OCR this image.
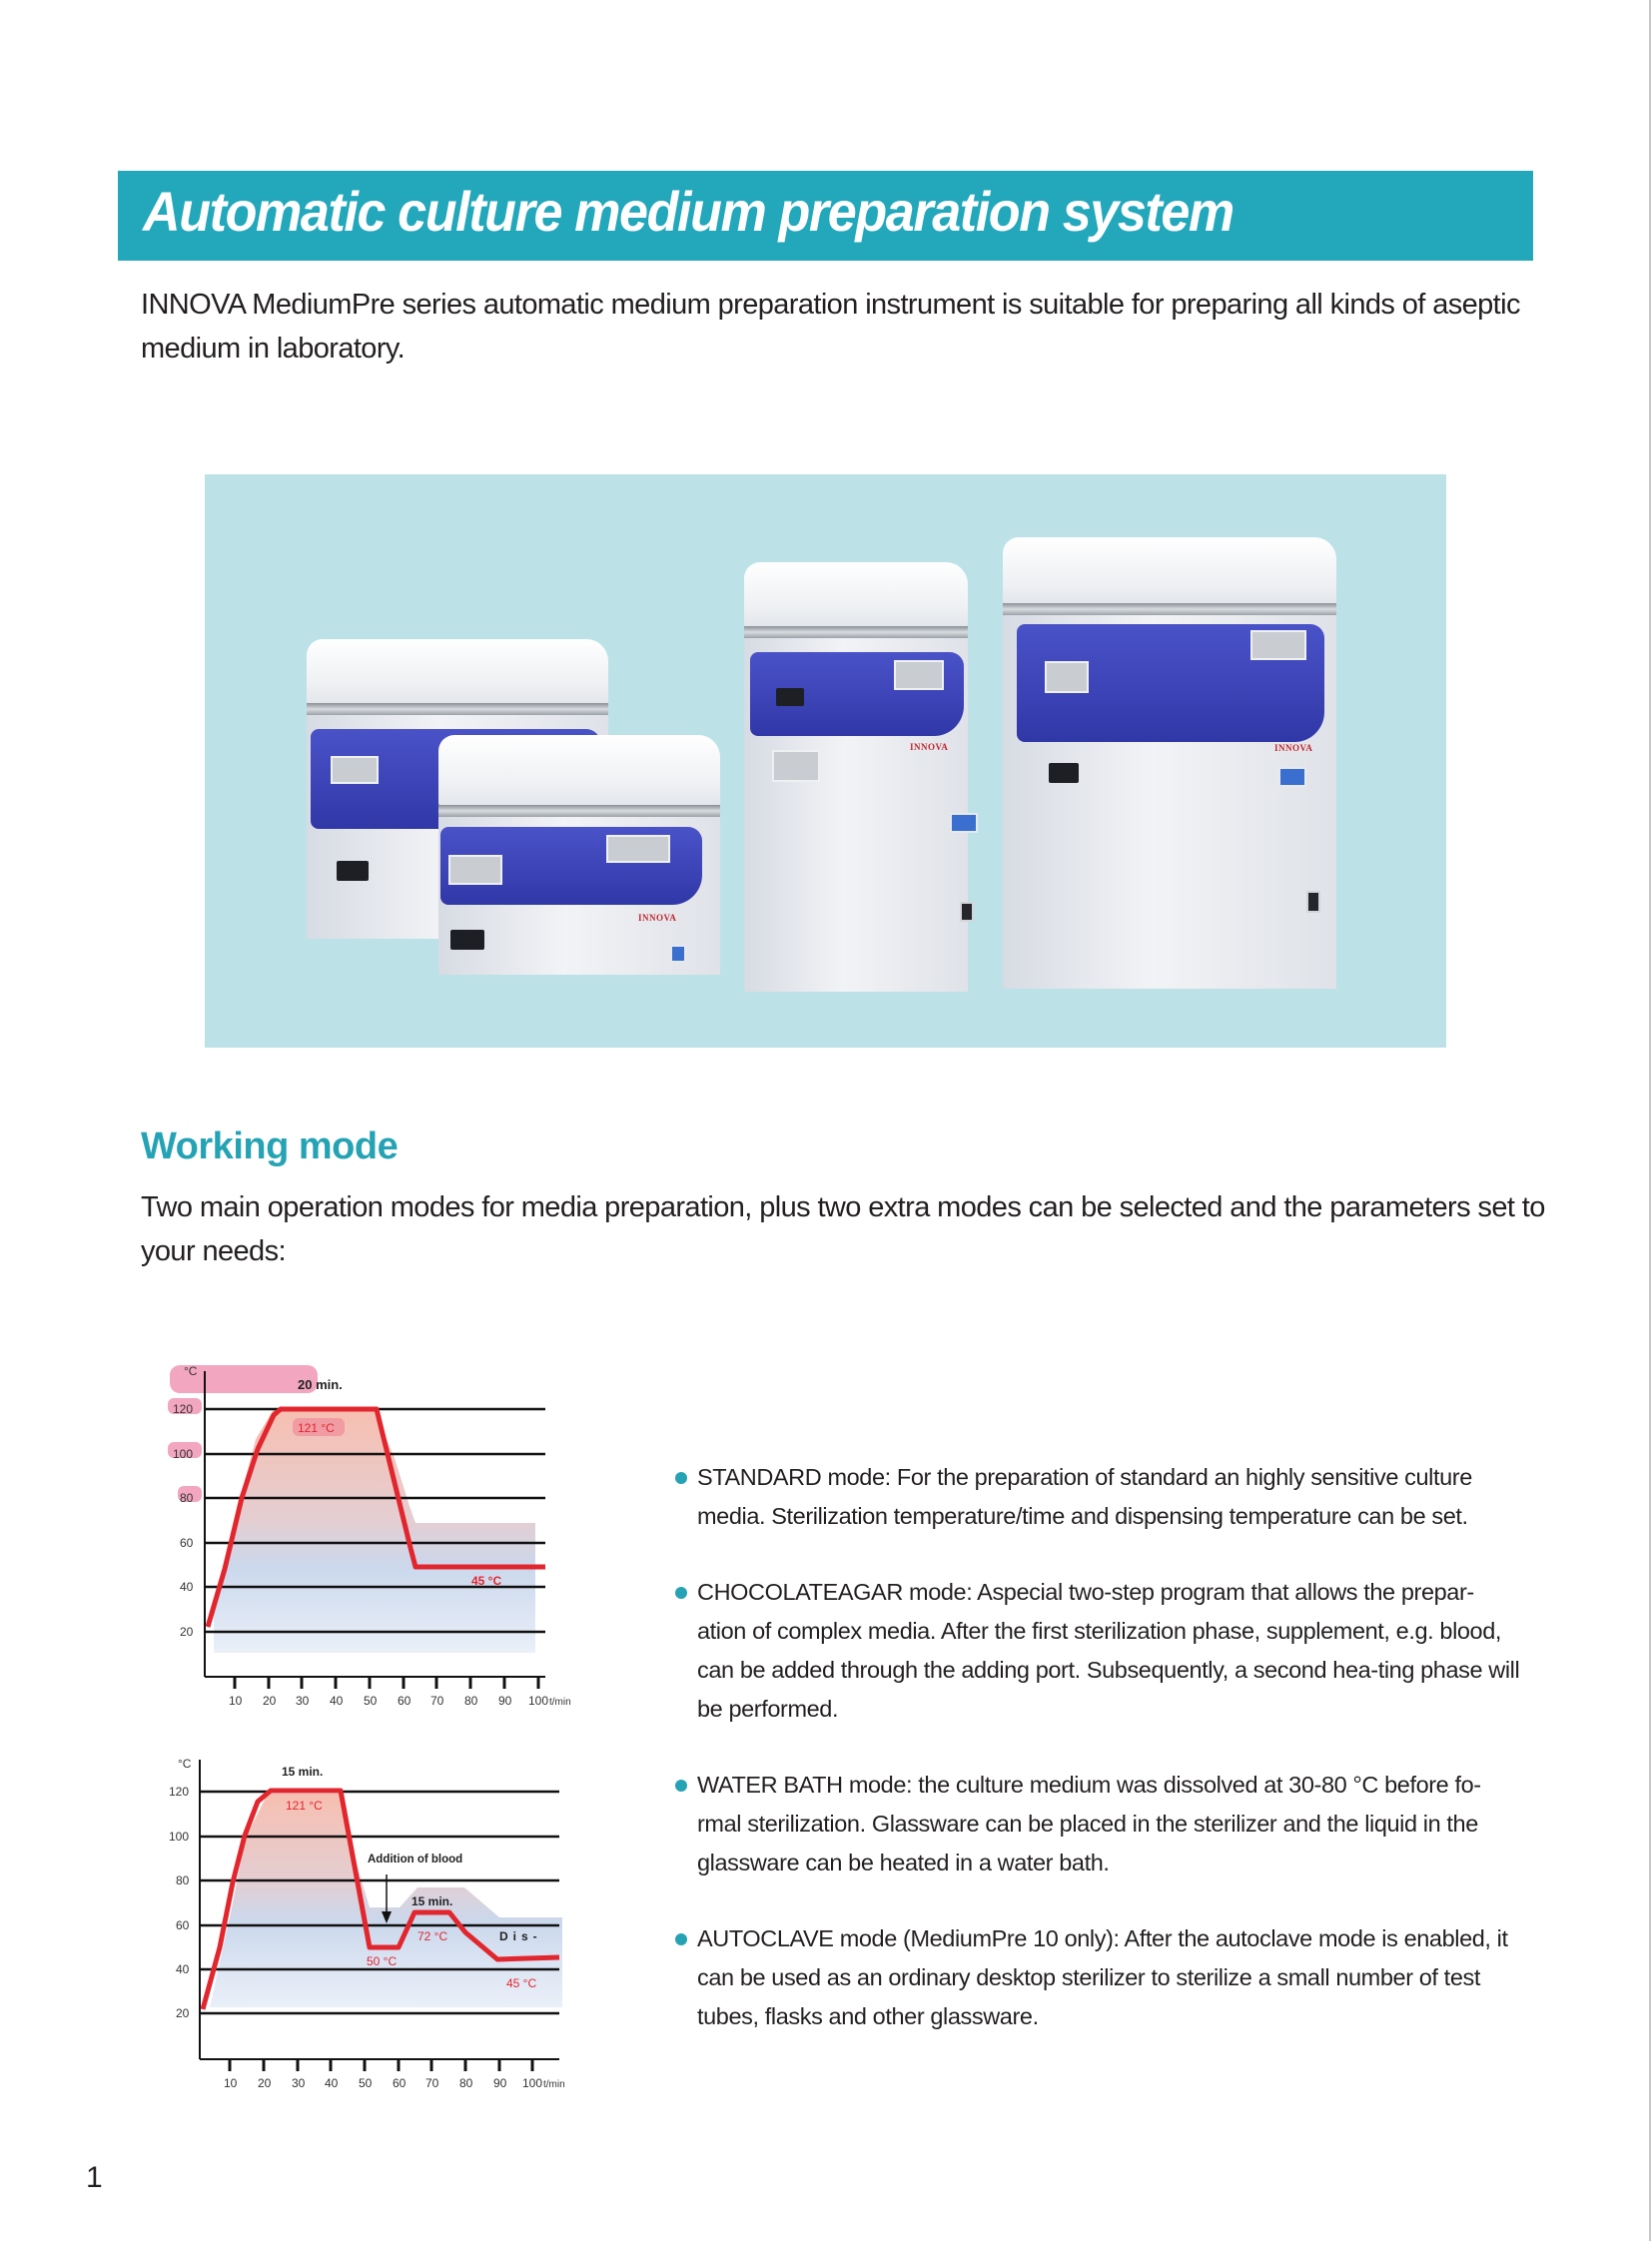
Automatic culture medium preparation system

INNOVA MediumPre series automatic medium preparation instrument is suitable for preparing all kinds of aseptic medium in laboratory.

INNOVA
INNOVA	INNOVA
Working mode

Two main operation modes for media preparation, plus two extra modes can be selected and the parameters set to your needs:

°C
120
100
80
60
40
20
10 20 30 40 50 60 70 80 90 100 t/min
20 min.
121 °C
45 °C
°C
120
100
80
60
40
20
10 20 30 40 50 60 70 80 90 100 t/min
15 min.
121 °C
Addition of blood
15 min.
72 °C	Dis-
50 °C
45 °C
STANDARD mode: For the preparation of standard an highly sensitive culture media. Sterilization temperature/time and dispensing temperature can be set.
CHOCOLATEAGAR mode: Aspecial two-step program that allows the prepar-ation of complex media. After the first sterilization phase, supplement, e.g. blood, can be added through the adding port. Subsequently, a second hea-ting phase will be performed.
WATER BATH mode: the culture medium was dissolved at 30-80 °C before fo-rmal sterilization. Glassware can be placed in the sterilizer and the liquid in the glassware can be heated in a water bath.
AUTOCLAVE mode (MediumPre 10 only): After the autoclave mode is enabled, it can be used as an ordinary desktop sterilizer to sterilize a small number of test tubes, flasks and other glassware.
1
